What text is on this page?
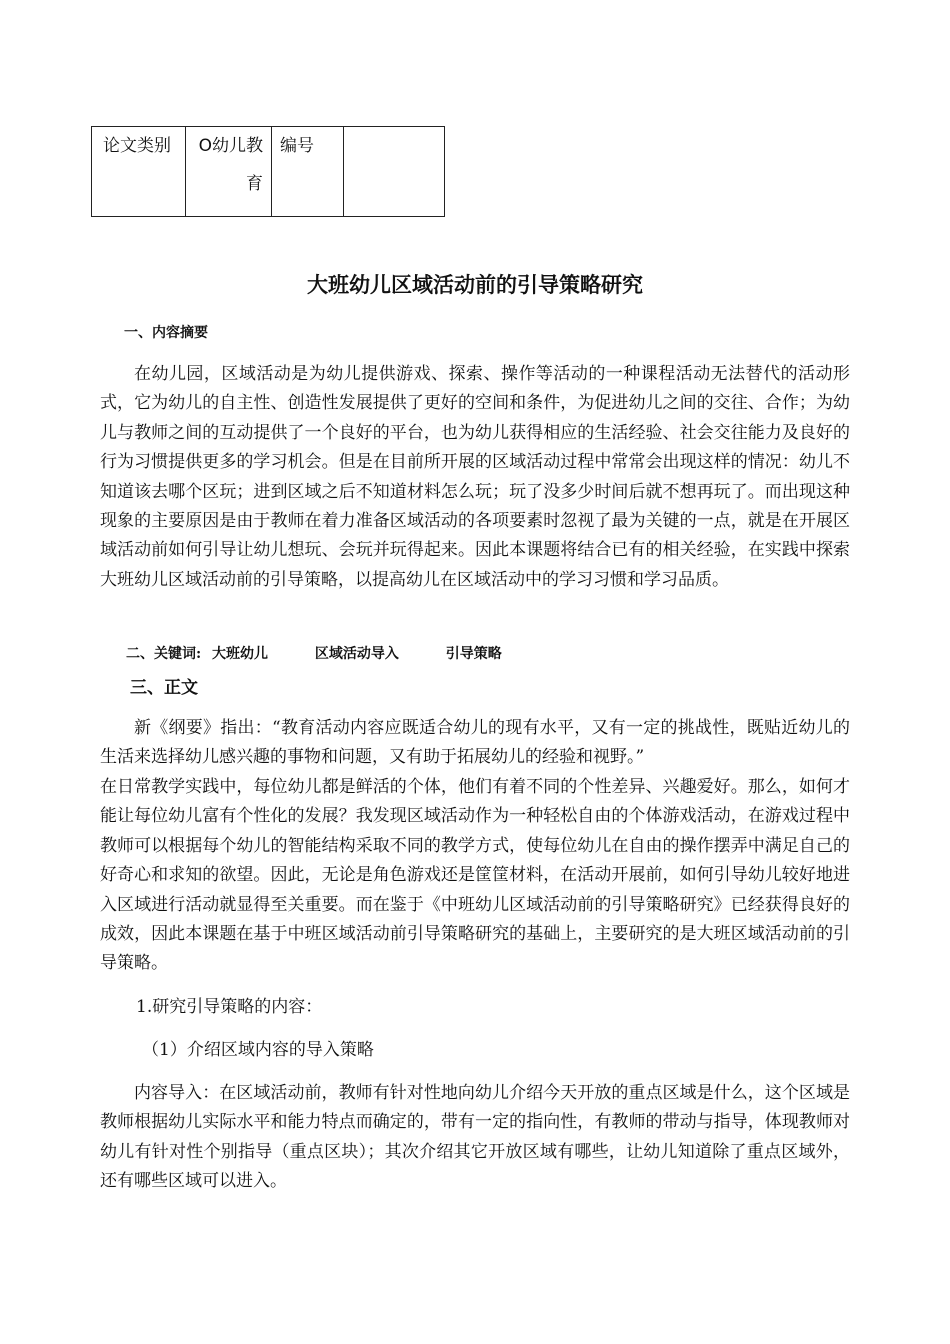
论文类别	O幼儿教育	编号	
大班幼儿区域活动前的引导策略研究
一、内容摘要

在幼儿园，区域活动是为幼儿提供游戏、探索、操作等活动的一种课程活动无法替代的活动形式，它为幼儿的自主性、创造性发展提供了更好的空间和条件，为促进幼儿之间的交往、合作；为幼儿与教师之间的互动提供了一个良好的平台，也为幼儿获得相应的生活经验、社会交往能力及良好的行为习惯提供更多的学习机会。但是在目前所开展的区域活动过程中常常会出现这样的情况：幼儿不知道该去哪个区玩；进到区域之后不知道材料怎么玩；玩了没多少时间后就不想再玩了。而出现这种现象的主要原因是由于教师在着力准备区域活动的各项要素时忽视了最为关键的一点，就是在开展区域活动前如何引导让幼儿想玩、会玩并玩得起来。因此本课题将结合已有的相关经验，在实践中探索大班幼儿区域活动前的引导策略，以提高幼儿在区域活动中的学习习惯和学习品质。

二、关键词: 大班幼儿	区域活动导入	引导策略
三、正文

新《纲要》指出：“教育活动内容应既适合幼儿的现有水平，又有一定的挑战性，既贴近幼儿的生活来选择幼儿感兴趣的事物和问题，又有助于拓展幼儿的经验和视野。”

在日常教学实践中，每位幼儿都是鲜活的个体，他们有着不同的个性差异、兴趣爱好。那么，如何才能让每位幼儿富有个性化的发展？我发现区域活动作为一种轻松自由的个体游戏活动，在游戏过程中教师可以根据每个幼儿的智能结构采取不同的教学方式，使每位幼儿在自由的操作摆弄中满足自己的好奇心和求知的欲望。因此，无论是角色游戏还是筐筐材料，在活动开展前，如何引导幼儿较好地进入区域进行活动就显得至关重要。而在鉴于《中班幼儿区域活动前的引导策略研究》已经获得良好的成效，因此本课题在基于中班区域活动前引导策略研究的基础上，主要研究的是大班区域活动前的引导策略。

1.研究引导策略的内容：

（1）介绍区域内容的导入策略

内容导入：在区域活动前，教师有针对性地向幼儿介绍今天开放的重点区域是什么，这个区域是教师根据幼儿实际水平和能力特点而确定的，带有一定的指向性，有教师的带动与指导，体现教师对幼儿有针对性个别指导（重点区块）；其次介绍其它开放区域有哪些，让幼儿知道除了重点区域外，还有哪些区域可以进入。
